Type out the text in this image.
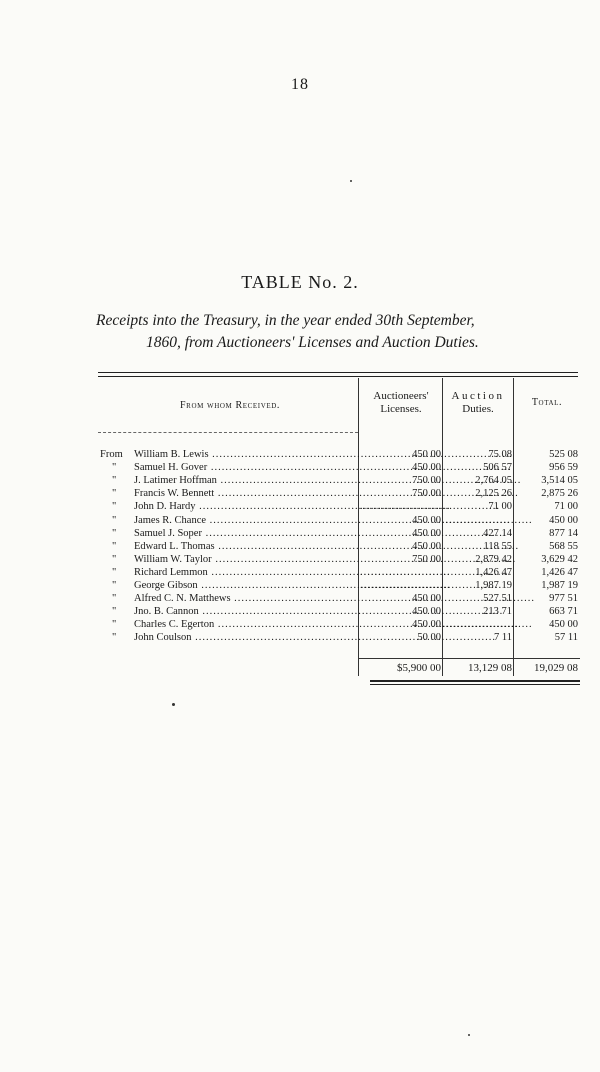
18
TABLE No. 2.
Receipts into the Treasury, in the year ended 30th September,
1860, from Auctioneers' Licenses and Auction Duties.
From whom Received.
Auctioneers'
Licenses.
Auction
Duties.
Total.
From	William B. Lewis .....	450 00	75 08	525 08
"	Samuel H. Gover .....	450 00	506 57	956 59
"	J. Latimer Hoffman .....	750 00	2,764 05	3,514 05
"	Francis W. Bennett .....	750 00	2,125 26	2,875 26
"	John D. Hardy .....	.........................	71 00	71 00
"	James R. Chance .....	450 00 .........................	450 00
"	Samuel J. Soper .....	450 00	427 14	877 14
"	Edward L. Thomas .....	450 00	118 55	568 55
"	William W. Taylor .....	750 00	2,879 42	3,629 42
"	Richard Lemmon .....	.........................	1,426 47	1,426 47
"	George Gibson .....	.........................	1,987 19	1,987 19
"	Alfred C. N. Matthews .....	450 00	527 51	977 51
"	Jno. B. Cannon .....	450 00	213 71	663 71
"	Charles C. Egerton .....	450 00 .........................	450 00
"	John Coulson .....	50 00	7 11	57 11
$5,900 00	13,129 08	19,029 08
